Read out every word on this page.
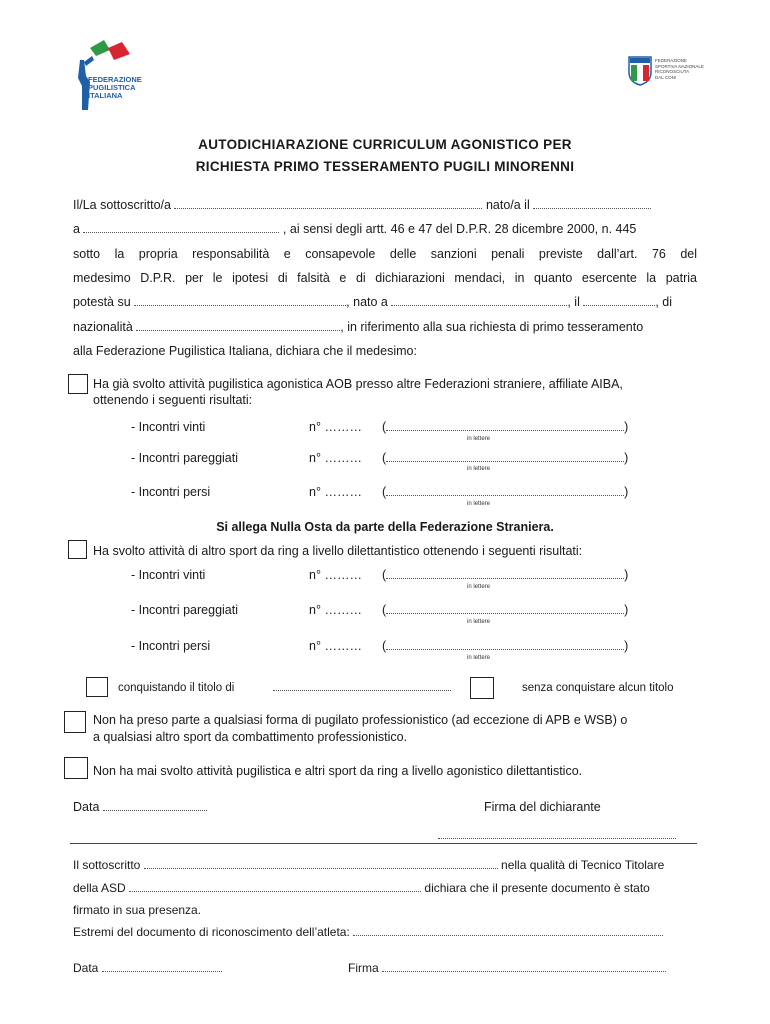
FEDERAZIONE
PUGILISTICA
ITALIANA
FEDERAZIONE
SPORTIVA NAZIONALE
RICONOSCIUTA
DAL CONI
AUTODICHIARAZIONE CURRICULUM AGONISTICO PER
RICHIESTA PRIMO TESSERAMENTO PUGILI MINORENNI
Il/La sottoscritto/a	nato/a il
a	, ai sensi degli artt. 46 e 47 del D.P.R. 28 dicembre 2000, n. 445
sotto la propria responsabilità e consapevole delle sanzioni penali previste dall’art. 76 del
medesimo D.P.R. per le ipotesi di falsità e di dichiarazioni mendaci, in quanto esercente la patria
potestà su	, nato a	, il	, di
nazionalità	, in riferimento alla sua richiesta di primo tesseramento
alla Federazione Pugilistica Italiana, dichiara che il medesimo:
Ha già svolto attività pugilistica agonistica AOB presso altre Federazioni straniere, affiliate AIBA,
ottenendo i seguenti risultati:
- Incontri vinti	n° ……… (	)
in lettere
- Incontri pareggiati	n° ……… (	)
in lettere
- Incontri persi	n° ……… (	)
in lettere
Si allega Nulla Osta da parte della Federazione Straniera.
Ha svolto attività di altro sport da ring a livello dilettantistico ottenendo i seguenti risultati:
- Incontri vinti	n° ……… (	)
in lettere
- Incontri pareggiati	n° ……… (	)
in lettere
- Incontri persi	n° ……… (	)
in lettere
conquistando il titolo di	senza conquistare alcun titolo
Non ha preso parte a qualsiasi forma di pugilato professionistico (ad eccezione di APB e WSB) o
a qualsiasi altro sport da combattimento professionistico.
Non ha mai svolto attività pugilistica e altri sport da ring a livello agonistico dilettantistico.
Data	Firma del dichiarante
Il sottoscritto	nella qualità di Tecnico Titolare
della ASD	dichiara che il presente documento è stato
firmato in sua presenza.
Estremi del documento di riconoscimento dell’atleta:
Data	Firma
